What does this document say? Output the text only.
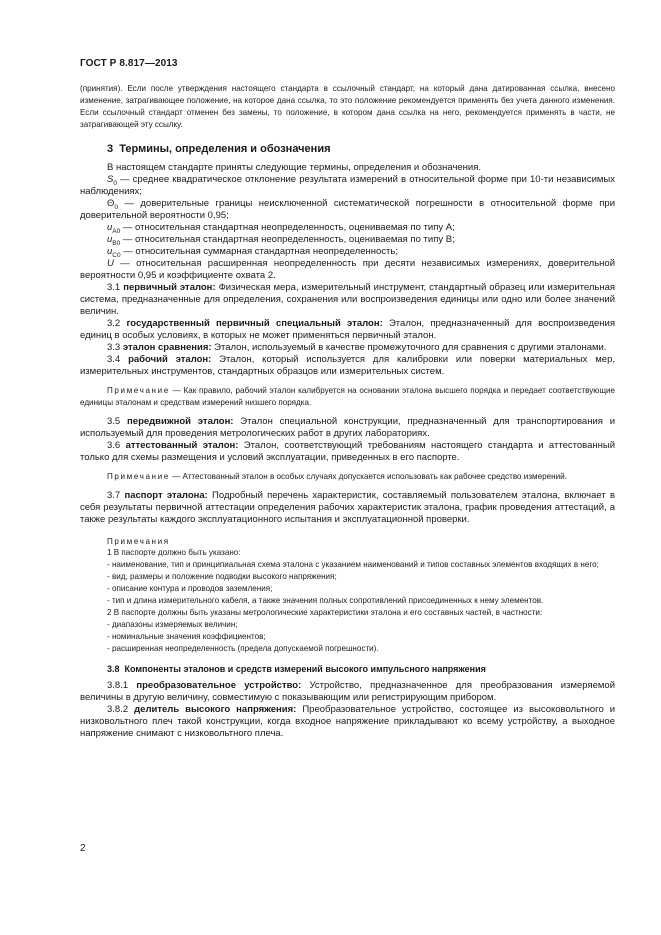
ГОСТ Р 8.817—2013

(принятия). Если после утверждения настоящего стандарта в ссылочный стандарт, на который дана датированная ссылка, внесено изменение, затрагивающее положение, на которое дана ссылка, то это положение рекомендуется применять без учета данного изменения. Если ссылочный стандарт отменен без замены, то положение, в котором дана ссылка на него, рекомендуется применять в части, не затрагивающей эту ссылку.

3 Термины, определения и обозначения

В настоящем стандарте приняты следующие термины, определения и обозначения.

$S_0$ — среднее квадратическое отклонение результата измерений в относительной форме при 10-ти независимых наблюдениях;

$\Theta_0$ — доверительные границы неисключенной систематической погрешности в относительной форме при доверительной вероятности 0,95;

$u_{A0}$ — относительная стандартная неопределенность, оцениваемая по типу А;

$u_{B0}$ — относительная стандартная неопределенность, оцениваемая по типу В;

$u_{C0}$ — относительная суммарная стандартная неопределенность;

U — относительная расширенная неопределенность при десяти независимых измерениях, доверительной вероятности 0,95 и коэффициенте охвата 2.

3.1 первичный эталон: Физическая мера, измерительный инструмент, стандартный образец или измерительная система, предназначенные для определения, сохранения или воспроизведения единицы или одно или более значений величин.

3.2 государственный первичный специальный эталон: Эталон, предназначенный для воспроизведения единиц в особых условиях, в которых не может применяться первичный эталон.

3.3 эталон сравнения: Эталон, используемый в качестве промежуточного для сравнения с другими эталонами.

3.4 рабочий эталон: Эталон, который используется для калибровки или поверки материальных мер, измерительных инструментов, стандартных образцов или измерительных систем.

Примечание — Как правило, рабочий эталон калибруется на основании эталона высшего порядка и передает соответствующие единицы эталонам и средствам измерений низшего порядка.

3.5 передвижной эталон: Эталон специальной конструкции, предназначенный для транспортирования и используемый для проведения метрологических работ в других лабораториях.

3.6 аттестованный эталон: Эталон, соответствующий требованиям настоящего стандарта и аттестованный только для схемы размещения и условий эксплуатации, приведенных в его паспорте.

Примечание — Аттестованный эталон в особых случаях допускается использовать как рабочее средство измерений.

3.7 паспорт эталона: Подробный перечень характеристик, составляемый пользователем эталона, включает в себя результаты первичной аттестации определения рабочих характеристик эталона, график проведения аттестаций, а также результаты каждого эксплуатационного испытания и эксплуатационной проверки.

Примечания

1 В паспорте должно быть указано:

- наименование, тип и принципиальная схема эталона с указанием наименований и типов составных элементов входящих в него;

- вид, размеры и положение подводки высокого напряжения;

- описание контура и проводов заземления;

- тип и длина измерительного кабеля, а также значения полных сопротивлений присоединенных к нему элементов.

2 В паспорте должны быть указаны метрологические характеристики эталона и его составных частей, в частности:

- диапазоны измеряемых величин;

- номинальные значения коэффициентов;

- расширенная неопределенность (предела допускаемой погрешности).

3.8 Компоненты эталонов и средств измерений высокого импульсного напряжения

3.8.1 преобразовательное устройство: Устройство, предназначенное для преобразования измеряемой величины в другую величину, совместимую с показывающим или регистрирующим прибором.

3.8.2 делитель высокого напряжения: Преобразовательное устройство, состоящее из высоковольтного и низковольтного плеч такой конструкции, когда входное напряжение прикладывают ко всему устройству, а выходное напряжение снимают с низковольтного плеча.

2
